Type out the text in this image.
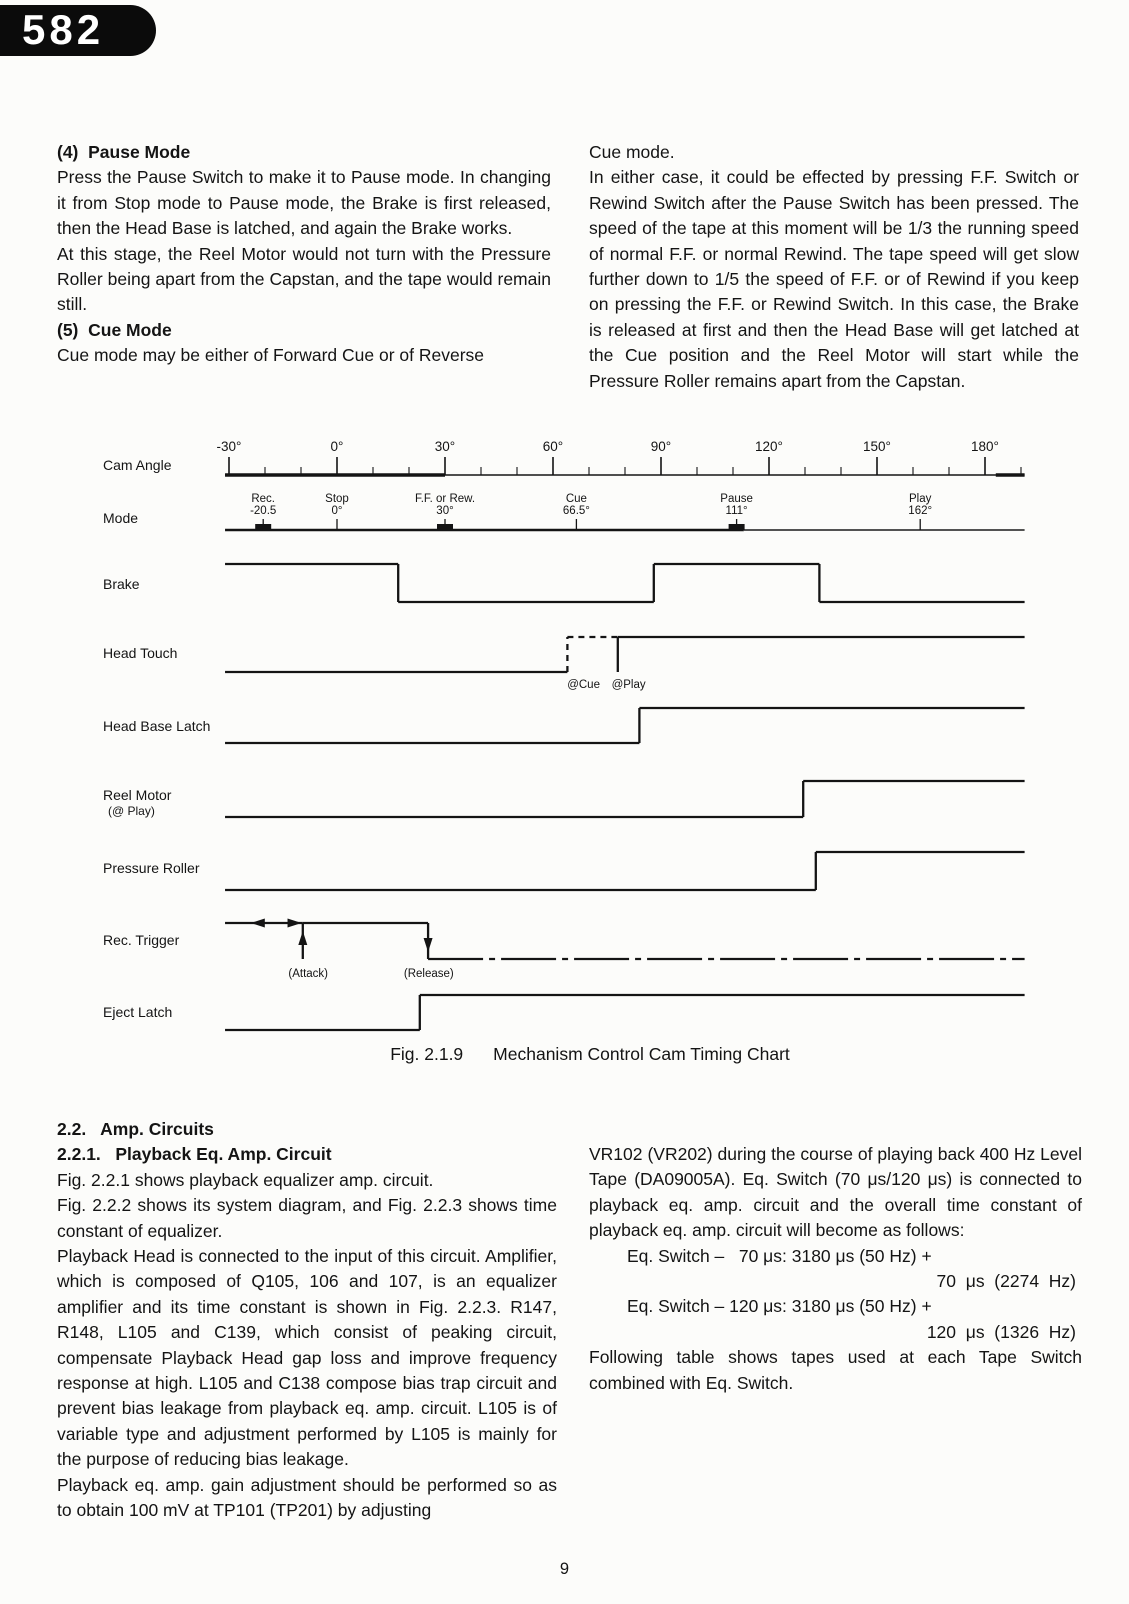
582

(4)  Pause Mode

Press the Pause Switch to make it to Pause mode. In changing it from Stop mode to Pause mode, the Brake is first released, then the Head Base is latched, and again the Brake works.

At this stage, the Reel Motor would not turn with the Pressure Roller being apart from the Capstan, and the tape would remain still.

(5)  Cue Mode

Cue mode may be either of Forward Cue or of Reverse

Cue mode.

In either case, it could be effected by pressing F.F. Switch or Rewind Switch after the Pause Switch has been pressed. The speed of the tape at this moment will be 1/3 the running speed of normal F.F. or normal Rewind. The tape speed will get slow further down to 1/5 the speed of F.F. or of Rewind if you keep on pressing the F.F. or Rewind Switch. In this case, the Brake is released at first and then the Head Base will get latched at the Cue position and the Reel Motor will start while the Pressure Roller remains apart from the Capstan.

Cam Angle
-30°	0°	30°	60°	90°	120°	150°	180°
Mode
Rec.
-20.5
Stop
0°
F.F. or Rew.
30°
Cue
66.5°
Pause
111°
Play
162°
Brake
Head Touch
@Cue @Play
Head Base Latch
Reel Motor
(@ Play)
Pressure Roller
Rec. Trigger
(Attack)	(Release)
Eject Latch
Fig. 2.1.9 Mechanism Control Cam Timing Chart

2.2.   Amp. Circuits

2.2.1.   Playback Eq. Amp. Circuit

Fig. 2.2.1 shows playback equalizer amp. circuit.

Fig. 2.2.2 shows its system diagram, and Fig. 2.2.3 shows time constant of equalizer.

Playback Head is connected to the input of this circuit. Amplifier, which is composed of Q105, 106 and 107, is an equalizer amplifier and its time constant is shown in Fig. 2.2.3. R147, R148, L105 and C139, which consist of peaking circuit, compensate Playback Head gap loss and improve frequency response at high. L105 and C138 compose bias trap circuit and prevent bias leakage from playback eq. amp. circuit. L105 is of variable type and adjustment performed by L105 is mainly for the purpose of reducing bias leakage.

Playback eq. amp. gain adjustment should be performed so as to obtain 100 mV at TP101 (TP201) by adjusting

VR102 (VR202) during the course of playing back 400 Hz Level Tape (DA09005A). Eq. Switch (70 μs/120 μs) is connected to playback eq. amp. circuit and the overall time constant of playback eq. amp. circuit will become as follows:

Eq. Switch –   70 μs: 3180 μs (50 Hz) +

70  μs  (2274  Hz)

Eq. Switch – 120 μs: 3180 μs (50 Hz) +

120  μs  (1326  Hz)

Following table shows tapes used at each Tape Switch combined with Eq. Switch.

9
